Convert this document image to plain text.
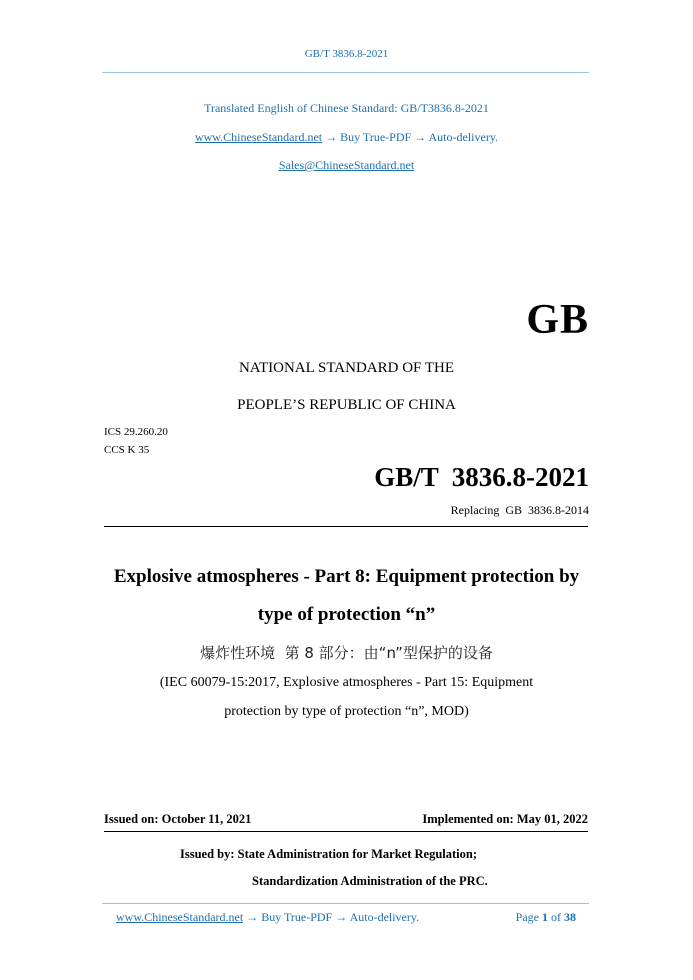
GB/T 3836.8-2021
Translated English of Chinese Standard: GB/T3836.8-2021
www.ChineseStandard.net → Buy True-PDF → Auto-delivery.
Sales@ChineseStandard.net
GB
NATIONAL STANDARD OF THE
PEOPLE’S REPUBLIC OF CHINA
ICS 29.260.20
CCS K 35
GB/T  3836.8-2021
Replacing  GB  3836.8-2014
Explosive atmospheres - Part 8: Equipment protection by
type of protection “n”
爆炸性环境  第 8 部分：由“n”型保护的设备
(IEC 60079-15:2017, Explosive atmospheres - Part 15: Equipment
protection by type of protection “n”, MOD)
Issued on: October 11, 2021	Implemented on: May 01, 2022
Issued by: State Administration for Market Regulation;
Standardization Administration of the PRC.
www.ChineseStandard.net → Buy True-PDF → Auto-delivery.	Page 1 of 38
